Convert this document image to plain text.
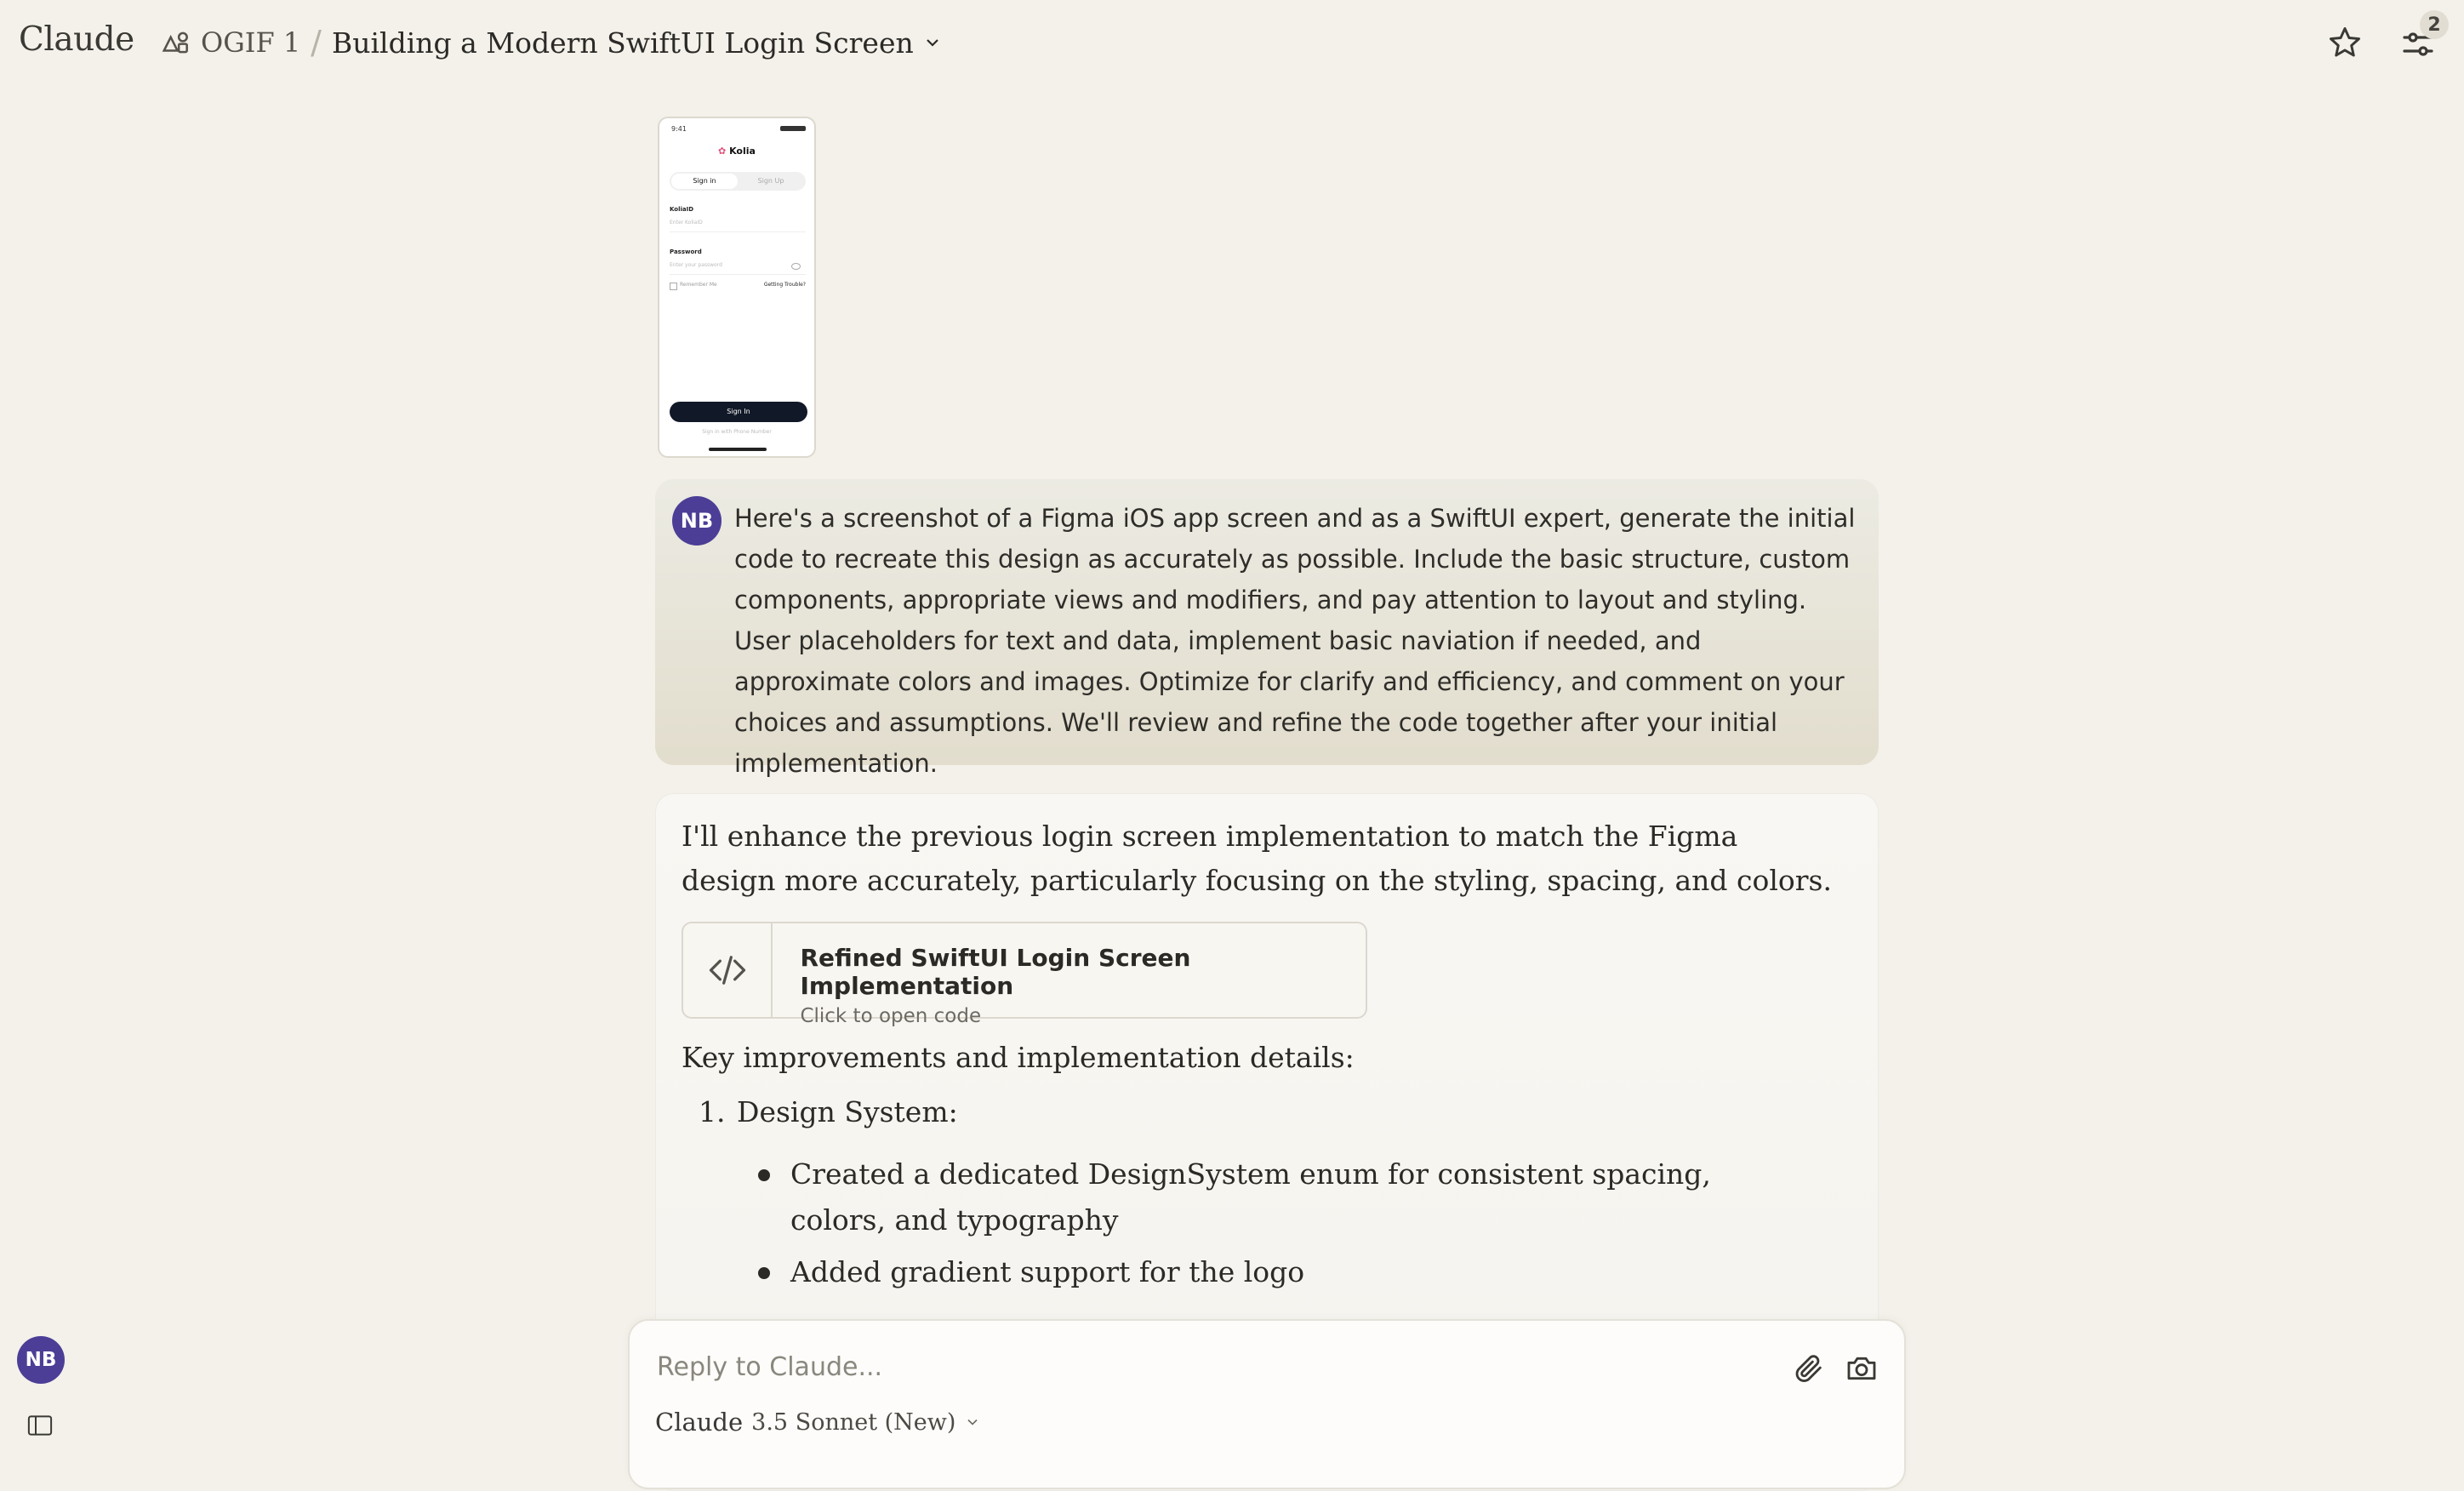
Claude OGIF 1 / Building a Modern SwiftUI Login Screen
2
9:41
✿ Kolia
Sign in	Sign Up
KoliaID
Enter KoliaID
Password
Enter your password
Remember Me	Getting Trouble?
Sign In
Sign in with Phone Number
NB Here's a screenshot of a Figma iOS app screen and as a SwiftUI expert, generate the initial code to recreate this design as accurately as possible. Include the basic structure, custom components, appropriate views and modifiers, and pay attention to layout and styling. User placeholders for text and data, implement basic naviation if needed, and approximate colors and images. Optimize for clarify and efficiency, and comment on your choices and assumptions. We'll review and refine the code together after your initial implementation.
I'll enhance the previous login screen implementation to match the Figma design more accurately, particularly focusing on the styling, spacing, and colors.
Refined SwiftUI Login Screen Implementation
Click to open code
Key improvements and implementation details:
1. Design System:
Created a dedicated DesignSystem enum for consistent spacing, colors, and typography
Added gradient support for the logo
Reply to Claude...
Claude 3.5 Sonnet (New)
NB
